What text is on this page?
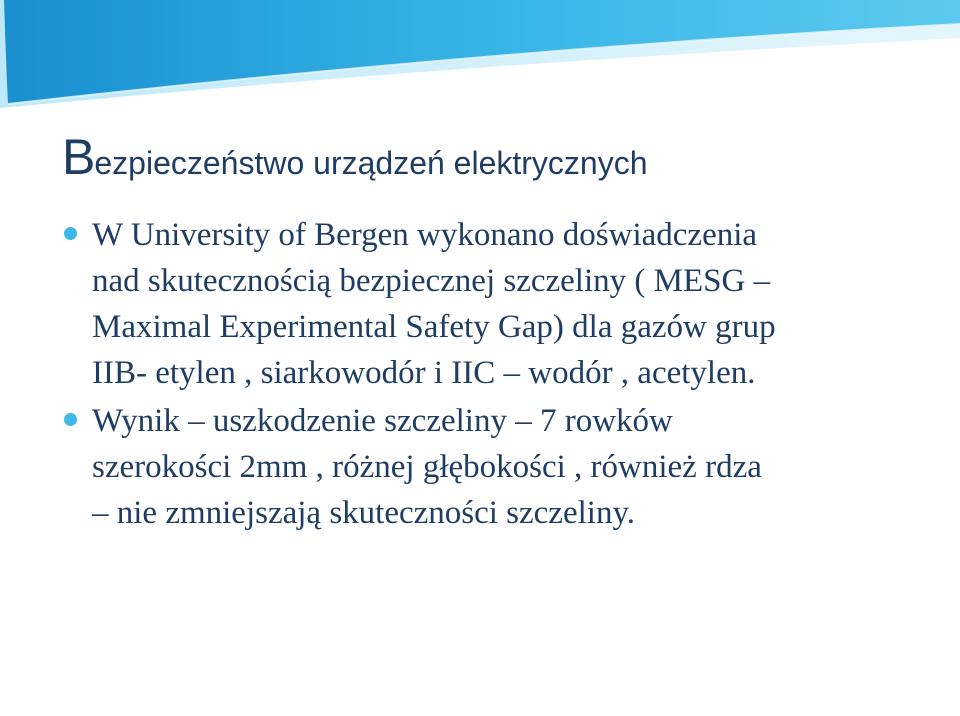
Bezpieczeństwo urządzeń elektrycznych
W University of Bergen wykonano doświadczenia
nad skutecznością bezpiecznej szczeliny ( MESG –
Maximal Experimental Safety Gap) dla gazów grup
IIB- etylen , siarkowodór i IIC – wodór , acetylen.
Wynik – uszkodzenie szczeliny – 7 rowków
szerokości 2mm , różnej głębokości , również rdza
– nie zmniejszają skuteczności szczeliny.
